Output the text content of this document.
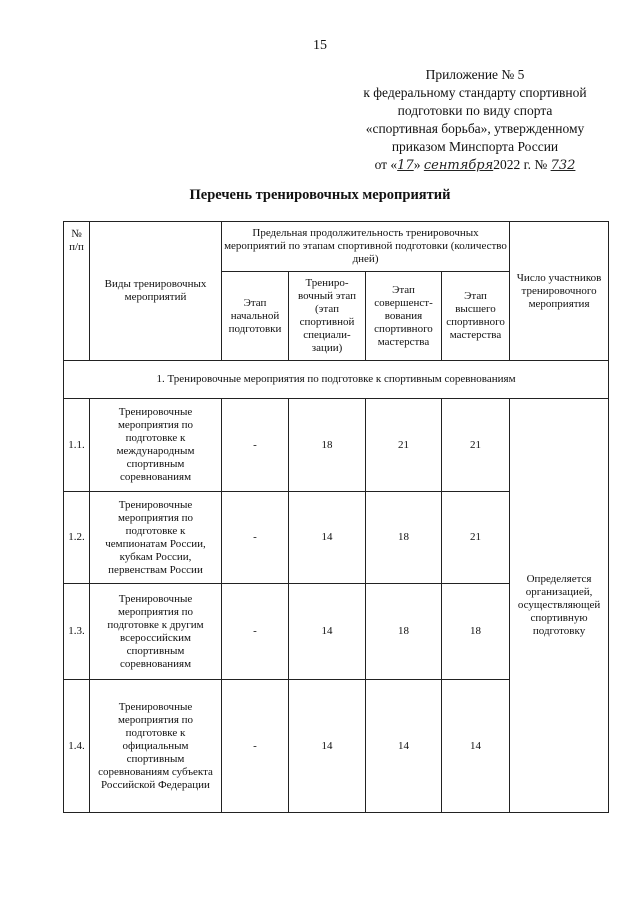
15
Приложение № 5
к федеральному стандарту спортивной
подготовки по виду спорта
«спортивная борьба», утвержденному
приказом Минспорта России
от «17» сентября2022 г. № 732
Перечень тренировочных мероприятий
№ п/п	Виды тренировочных мероприятий	Предельная продолжительность тренировочных мероприятий по этапам спортивной подготовки (количество дней)				Число участников тренировочного мероприятия
		Этап начальной подготовки	Трениро- вочный этап (этап спортивной специали- зации)	Этап совершенст- вования спортивного мастерства	Этап высшего спортивного мастерства	
1. Тренировочные мероприятия по подготовке к спортивным соревнованиям						
1.1.	Тренировочные мероприятия по подготовке к международным спортивным соревнованиям	-	18	21	21	Определяется организацией, осуществляющей спортивную подготовку
1.2.	Тренировочные мероприятия по подготовке к чемпионатам России, кубкам России, первенствам России	-	14	18	21	
1.3.	Тренировочные мероприятия по подготовке к другим всероссийским спортивным соревнованиям	-	14	18	18	
1.4.	Тренировочные мероприятия по подготовке к официальным спортивным соревнованиям субъекта Российской Федерации	-	14	14	14	
